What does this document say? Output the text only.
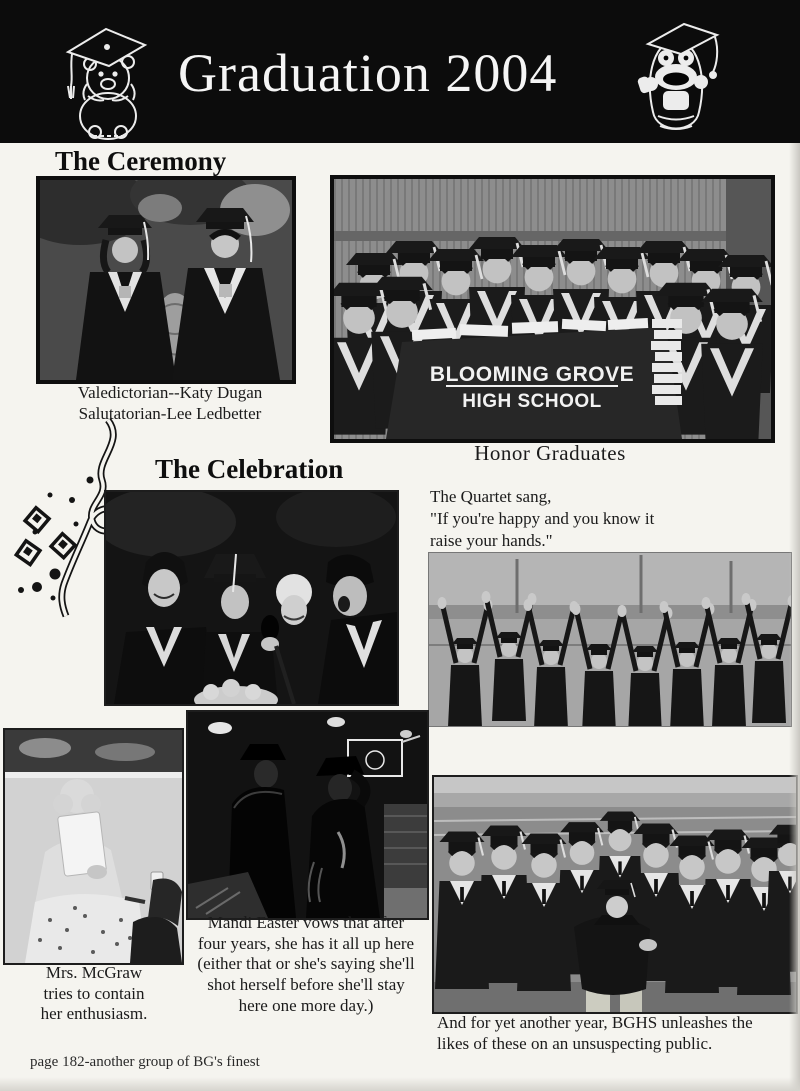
Graduation 2004
The Ceremony
BLOOMING GROVE
HIGH SCHOOL
Valedictorian--Katy Dugan
Salutatorian-Lee Ledbetter
Honor Graduates
The Celebration
The Quartet sang,
"If you're happy and you know it
raise your hands."
Mrs. McGraw
tries to contain
her enthusiasm.
Mandi Easter vows that after
four years, she has it all up here
(either that or she's saying she'll
shot herself before she'll stay
here one more day.)
And for yet another year, BGHS unleashes the
likes of these on an unsuspecting public.
page 182-another group of BG's finest
